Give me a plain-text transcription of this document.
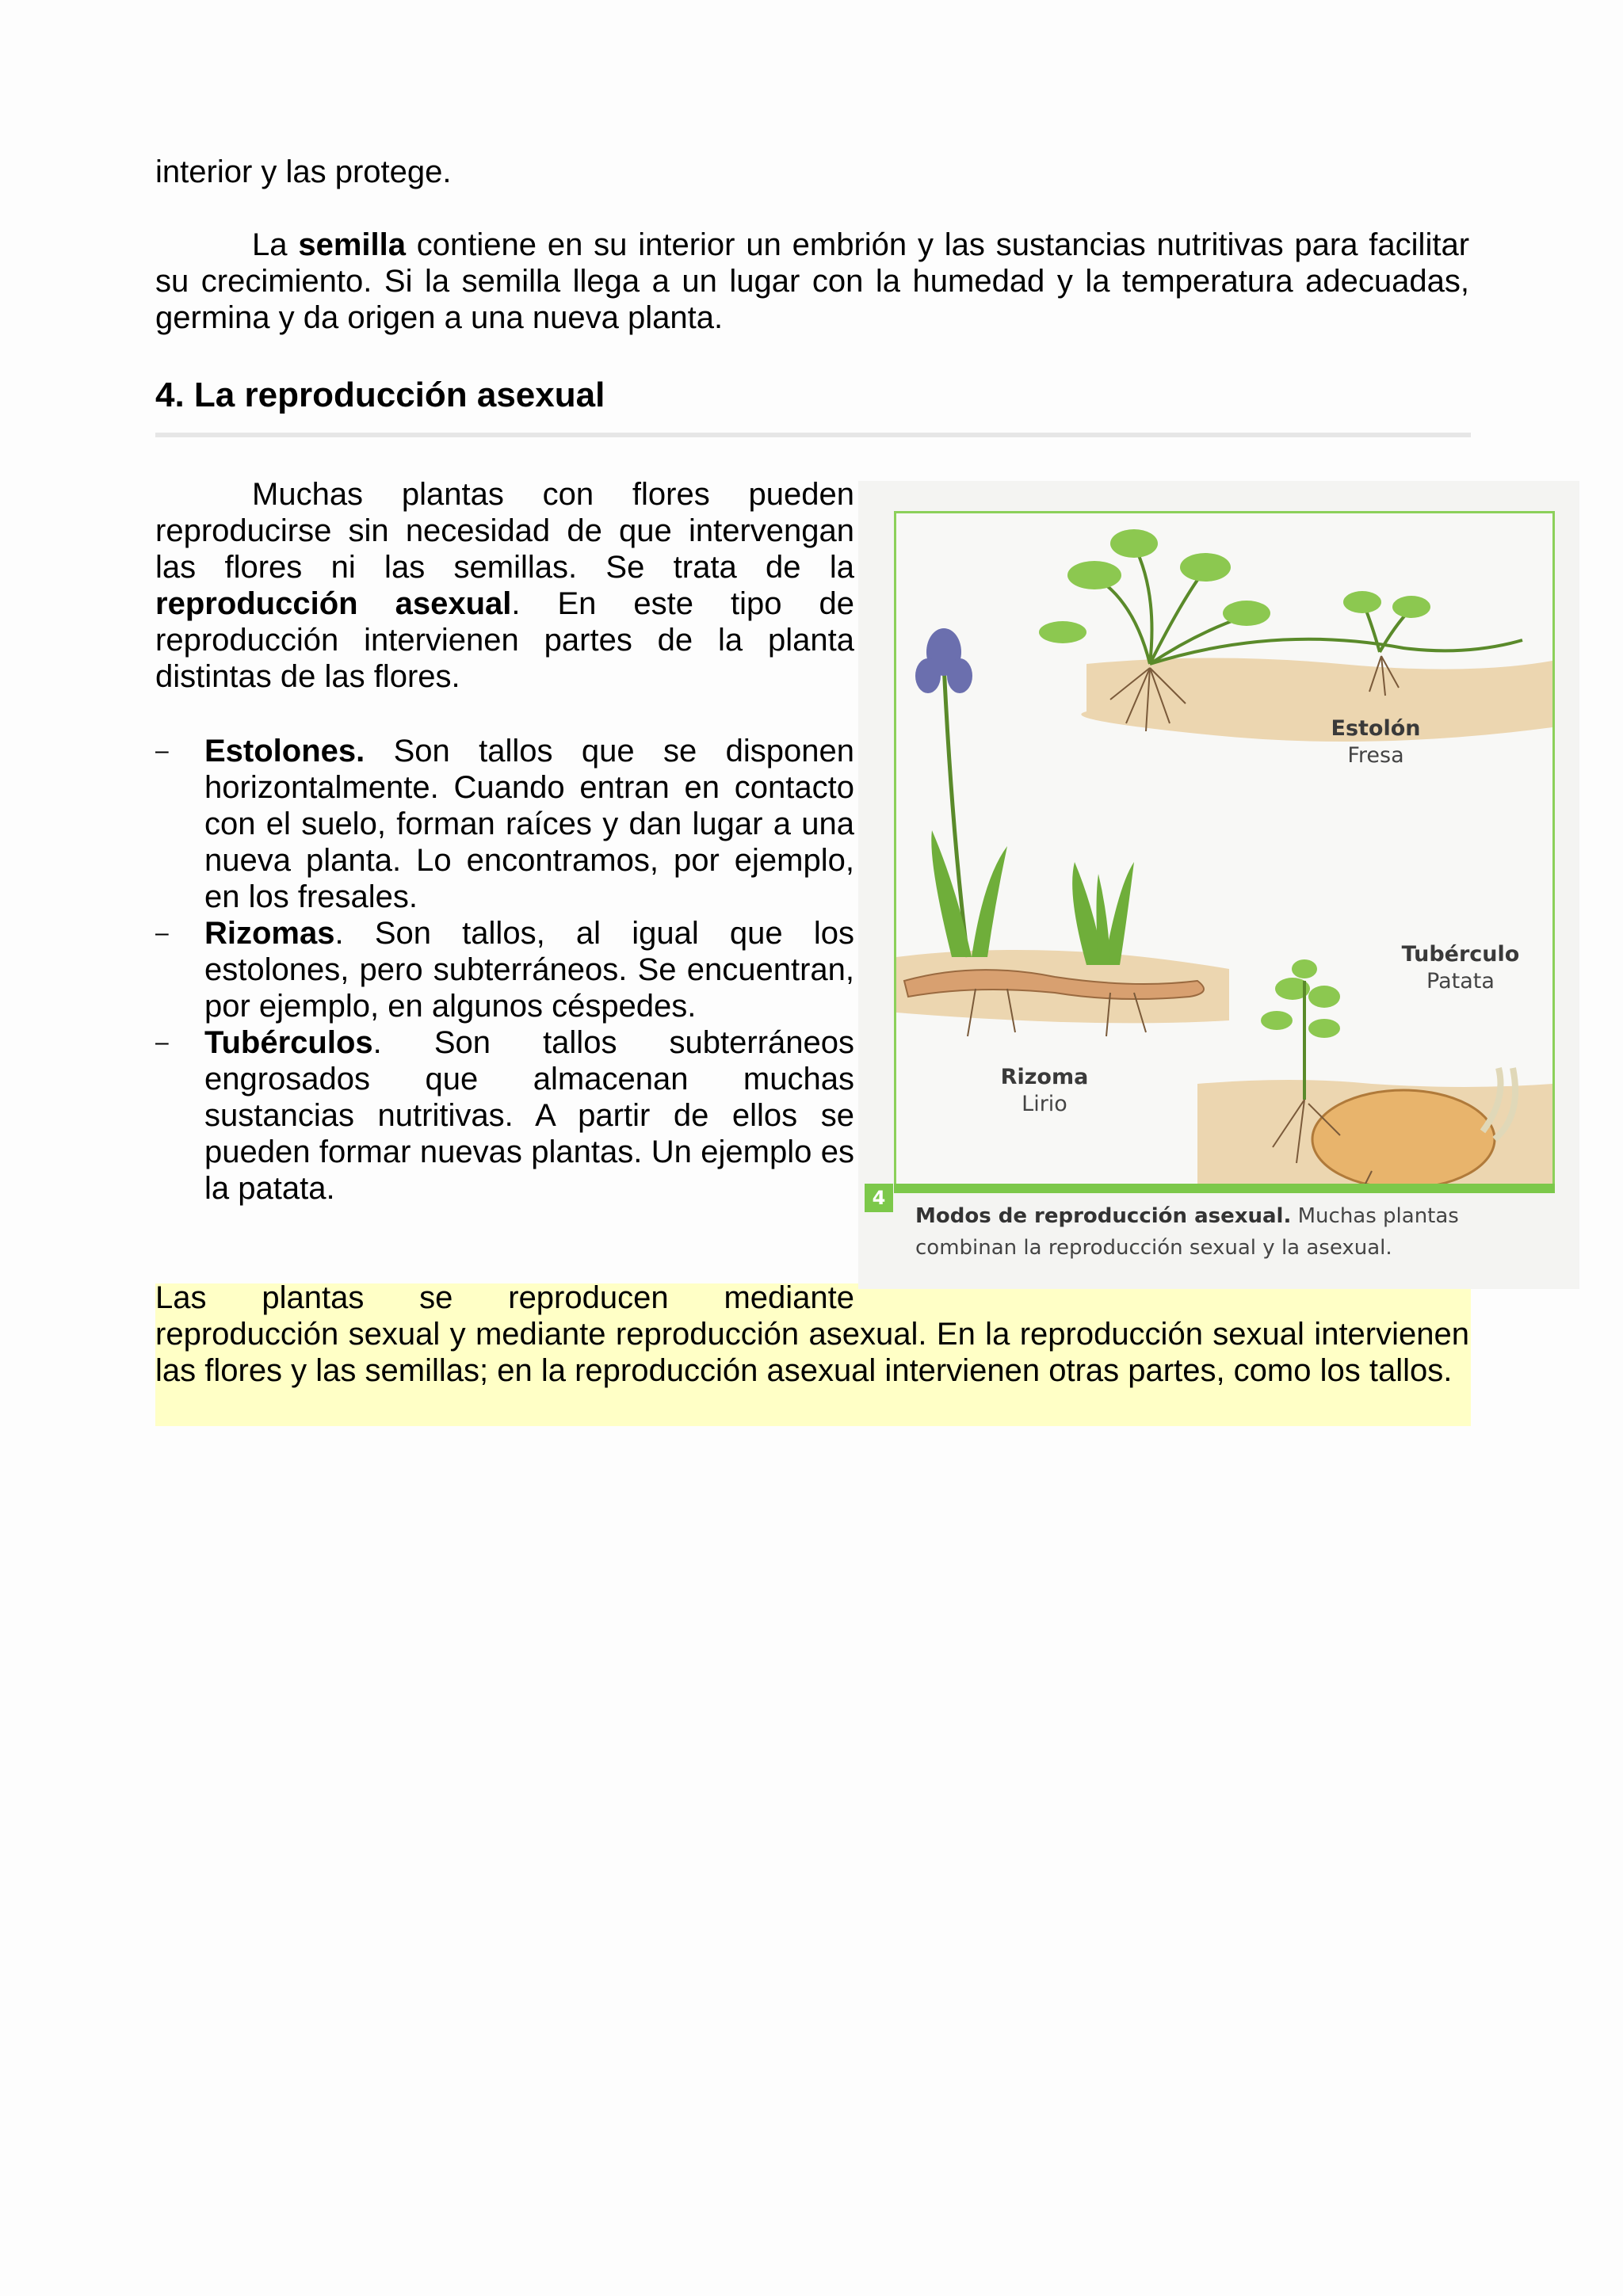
interior y las protege.

La semilla contiene en su interior un embrión y las sustancias nutritivas para facilitar su crecimiento. Si la semilla llega a un lugar con la humedad y la temperatura adecuadas, germina y da origen a una nueva planta.

4. La reproducción asexual

Muchas plantas con flores pueden reproducirse sin necesidad de que intervengan las flores ni las semillas. Se trata de la reproducción asexual. En este tipo de reproducción intervienen partes de la planta distintas de las flores.

– Estolones. Son tallos que se disponen horizontalmente. Cuando entran en contacto con el suelo, forman raíces y dan lugar a una nueva planta. Lo encontramos, por ejemplo, en los fresales.
– Rizomas. Son tallos, al igual que los estolones, pero subterráneos. Se encuentran, por ejemplo, en algunos céspedes.
– Tubérculos. Son tallos subterráneos engrosados que almacenan muchas sustancias nutritivas. A partir de ellos se pueden formar nuevas plantas. Un ejemplo es la patata.
Las plantas se reproducen mediante
reproducción sexual y mediante reproducción asexual. En la reproducción sexual intervienen las flores y las semillas; en la reproducción asexual intervienen otras partes, como los tallos.
Estolón
Fresa
Tubérculo
Patata
Rizoma
Lirio
4
Modos de reproducción asexual. Muchas plantas combinan la reproducción sexual y la asexual.
